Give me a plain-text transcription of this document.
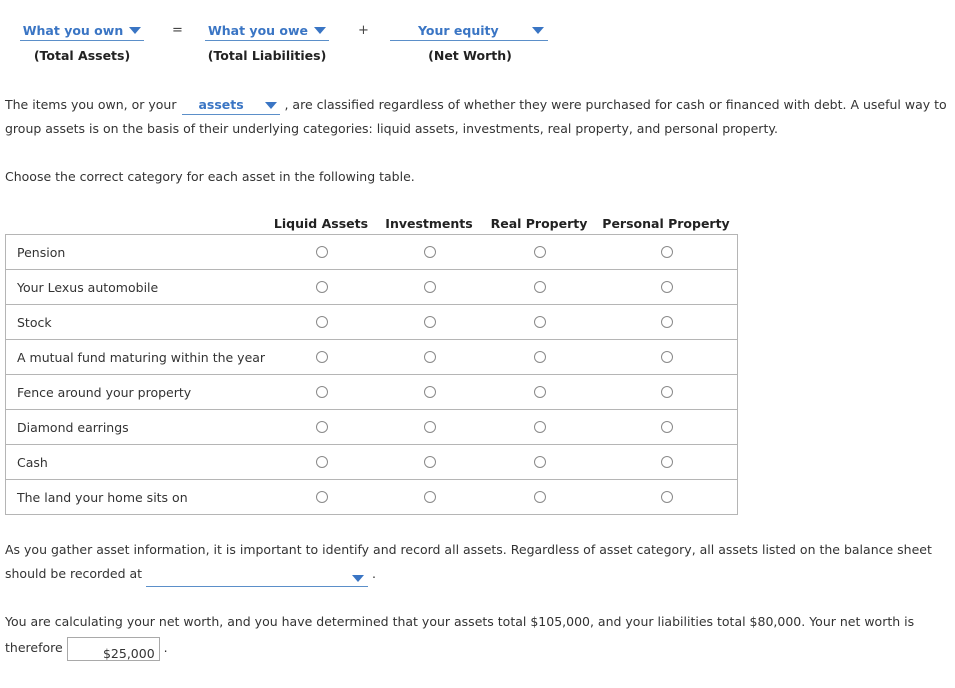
What you own
(Total Assets)
= What you owe
(Total Liabilities)
+	Your equity
(Net Worth)
The items you own, or your assets	, are classified regardless of whether they were purchased for cash or financed with debt. A useful way to
group assets is on the basis of their underlying categories: liquid assets, investments, real property, and personal property.
Choose the correct category for each asset in the following table.
Liquid Assets Investments Real Property Personal Property
Pension
Your Lexus automobile
Stock
A mutual fund maturing within the year
Fence around your property
Diamond earrings
Cash
The land your home sits on
As you gather asset information, it is important to identify and record all assets. Regardless of asset category, all assets listed on the balance sheet
should be recorded at	.
You are calculating your net worth, and you have determined that your assets total $105,000, and your liabilities total $80,000. Your net worth is
therefore	$25,000 .
